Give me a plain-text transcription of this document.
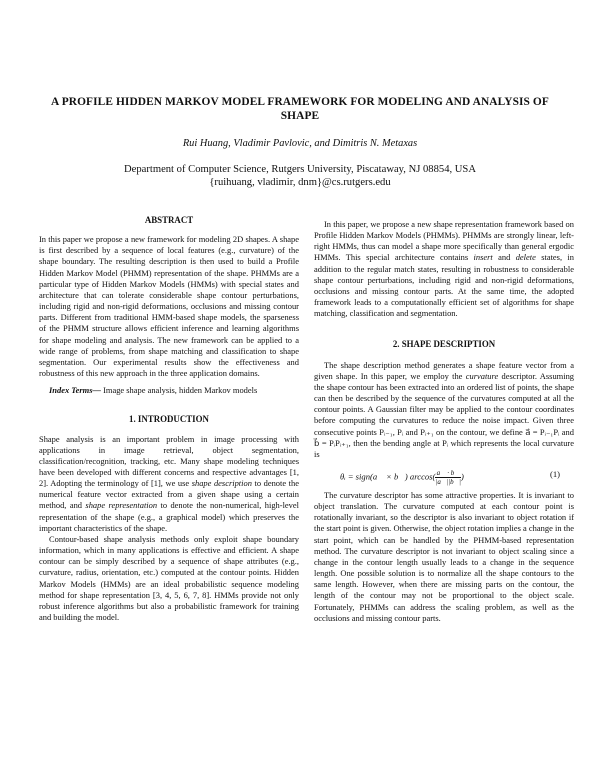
A PROFILE HIDDEN MARKOV MODEL FRAMEWORK FOR MODELING AND ANALYSIS OF SHAPE
Rui Huang, Vladimir Pavlovic, and Dimitris N. Metaxas
Department of Computer Science, Rutgers University, Piscataway, NJ 08854, USA
{ruihuang, vladimir, dnm}@cs.rutgers.edu

ABSTRACT

In this paper we propose a new framework for modeling 2D shapes. A shape is first described by a sequence of local features (e.g., curvature) of the shape boundary. The resulting description is then used to build a Profile Hidden Markov Model (PHMM) representation of the shape. PHMMs are a particular type of Hidden Markov Models (HMMs) with special states and architecture that can tolerate considerable shape contour perturbations, including rigid and non-rigid deformations, occlusions and missing contour parts. Different from traditional HMM-based shape models, the sparseness of the PHMM structure allows efficient inference and learning algorithms for shape modeling and analysis. The new framework can be applied to a wide range of problems, from shape matching and classification to shape segmentation. Our experimental results show the effectiveness and robustness of this new approach in the three application domains.

Index Terms— Image shape analysis, hidden Markov models

1. INTRODUCTION

Shape analysis is an important problem in image processing with applications in image retrieval, object segmentation, classification/recognition, tracking, etc. Many shape modeling techniques have been developed with different concerns and respective advantages [1, 2]. Adopting the terminology of [1], we use shape description to denote the numerical feature vector extracted from a given shape using a certain method, and shape representation to denote the non-numerical, high-level representation of the shape (e.g., a graphical model) which preserves the important characteristics of the shape.

Contour-based shape analysis methods only exploit shape boundary information, which in many applications is effective and efficient. A shape contour can be simply described by a sequence of shape attributes (e.g., curvature, radius, orientation, etc.) computed at the contour points. Hidden Markov Models (HMMs) are an ideal probabilistic sequence modeling method for shape representation [3, 4, 5, 6, 7, 8]. HMMs provide not only robust inference algorithms but also a probabilistic framework for training and building the model.

In this paper, we propose a new shape representation framework based on Profile Hidden Markov Models (PHMMs). PHMMs are strongly linear, left-right HMMs, thus can model a shape more specifically than general ergodic HMMs. This special architecture contains insert and delete states, in addition to the regular match states, resulting in robustness to considerable shape contour perturbations, including rigid and non-rigid deformations, occlusions and missing contour parts. At the same time, the adopted framework leads to a computationally efficient set of algorithms for shape matching, classification and segmentation.

2. SHAPE DESCRIPTION

The shape description method generates a shape feature vector from a given shape. In this paper, we employ the curvature descriptor. Assuming the shape contour has been extracted into an ordered list of points, the shape can then be described by the sequence of the curvatures computed at all the contour points. A Gaussian filter may be applied to the contour coordinates before computing the curvatures to reduce the noise impact. Given three consecutive points Pᵢ₋₁, Pᵢ and Pᵢ₊₁ on the contour, we define a⃗ = Pᵢ₋₁Pᵢ and b⃗ = PᵢPᵢ₊₁, then the bending angle at Pᵢ which represents the local curvature is

θᵢ = sign(a⃗ × b⃗) $\arccos( \frac{a⃗ \cdot b⃗}{|a⃗||b⃗|}$ )	(1)

The curvature descriptor has some attractive properties. It is invariant to object translation. The curvature computed at each contour point is rotationally invariant, so the descriptor is also invariant to object rotation if the start point is given. Otherwise, the object rotation implies a change in the start point, which can be handled by the PHMM-based representation method. The curvature descriptor is not invariant to object scaling since a change in the contour length usually leads to a change in the sequence length. One possible solution is to normalize all the shape contours to the same length. However, when there are missing parts on the contour, the length of the contour may not be proportional to the object scale. Fortunately, PHMMs can address the scaling problem, as well as the occlusions and missing contour parts.
